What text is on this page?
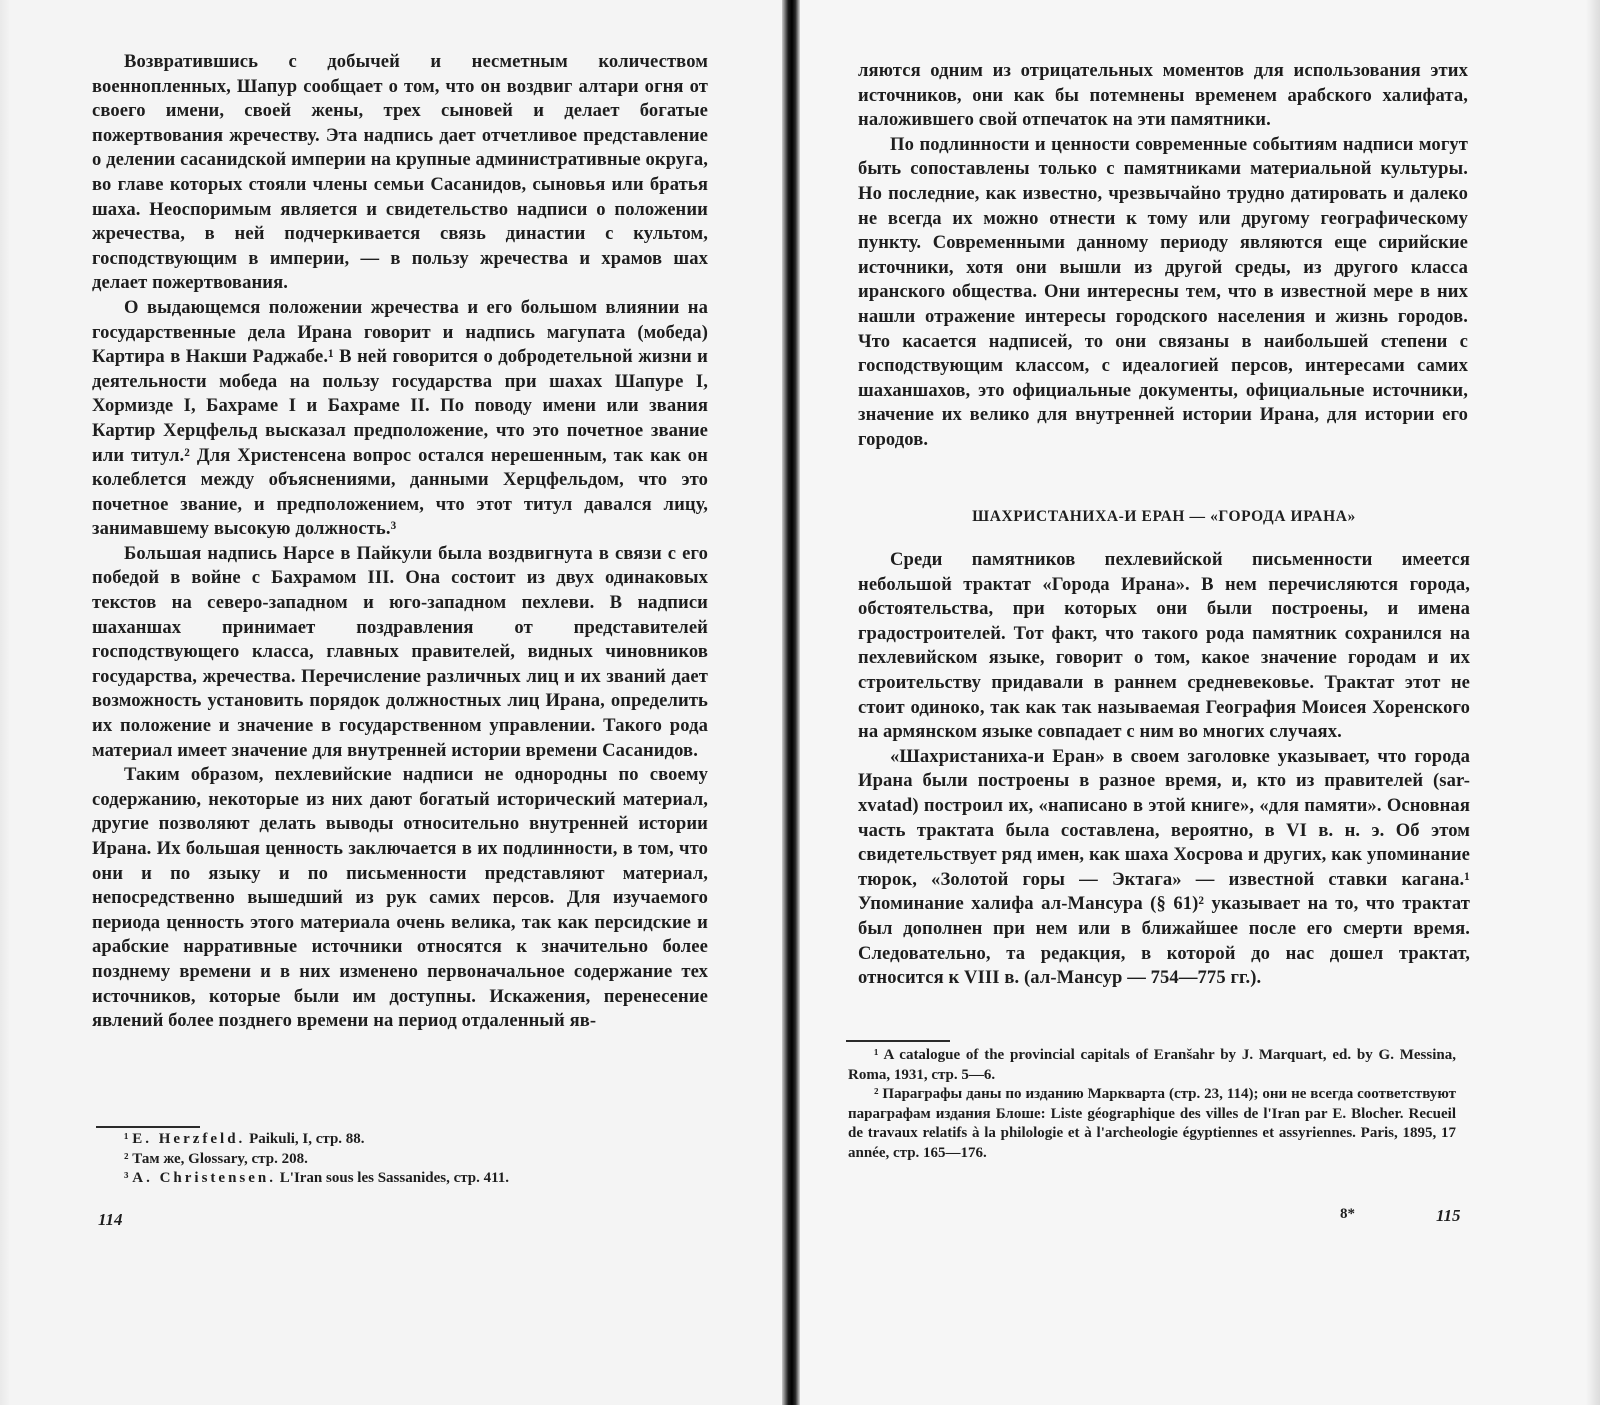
Возвратившись с добычей и несметным количеством военнопленных, Шапур сообщает о том, что он воздвиг алтари огня от своего имени, своей жены, трех сыновей и делает богатые пожертвования жречеству. Эта надпись дает отчетливое представление о делении сасанидской империи на крупные административные округа, во главе которых стояли члены семьи Сасанидов, сыновья или братья шаха. Неоспоримым является и свидетельство надписи о положении жречества, в ней подчеркивается связь династии с культом, господствующим в империи, — в пользу жречества и храмов шах делает пожертвования.

О выдающемся положении жречества и его большом влиянии на государственные дела Ирана говорит и надпись магупата (мобеда) Картира в Накши Раджабе.¹ В ней говорится о добродетельной жизни и деятельности мобеда на пользу государства при шахах Шапуре I, Хормизде I, Бахраме I и Бахраме II. По поводу имени или звания Картир Херцфельд высказал предположение, что это почетное звание или титул.² Для Христенсена вопрос остался нерешенным, так как он колеблется между объяснениями, данными Херцфельдом, что это почетное звание, и предположением, что этот титул давался лицу, занимавшему высокую должность.³

Большая надпись Нарсе в Пайкули была воздвигнута в связи с его победой в войне с Бахрамом III. Она состоит из двух одинаковых текстов на северо-западном и юго-западном пехлеви. В надписи шаханшах принимает поздравления от представителей господствующего класса, главных правителей, видных чиновников государства, жречества. Перечисление различных лиц и их званий дает возможность установить порядок должностных лиц Ирана, определить их положение и значение в государственном управлении. Такого рода материал имеет значение для внутренней истории времени Сасанидов.

Таким образом, пехлевийские надписи не однородны по своему содержанию, некоторые из них дают богатый исторический материал, другие позволяют делать выводы относительно внутренней истории Ирана. Их большая ценность заключается в их подлинности, в том, что они и по языку и по письменности представляют материал, непосредственно вышедший из рук самих персов. Для изучаемого периода ценность этого материала очень велика, так как персидские и арабские нарративные источники относятся к значительно более позднему времени и в них изменено первоначальное содержание тех источников, которые были им доступны. Искажения, перенесение явлений более позднего времени на период отдаленный яв-

¹ E. Herzfeld. Paikuli, I, стр. 88.

² Там же, Glossary, стр. 208.

³ A. Christensen. L'Iran sous les Sassanides, стр. 411.

114

ляются одним из отрицательных моментов для использования этих источников, они как бы потемнены временем арабского халифата, наложившего свой отпечаток на эти памятники.

По подлинности и ценности современные событиям надписи могут быть сопоставлены только с памятниками материальной культуры. Но последние, как известно, чрезвычайно трудно датировать и далеко не всегда их можно отнести к тому или другому географическому пункту. Современными данному периоду являются еще сирийские источники, хотя они вышли из другой среды, из другого класса иранского общества. Они интересны тем, что в известной мере в них нашли отражение интересы городского населения и жизнь городов. Что касается надписей, то они связаны в наибольшей степени с господствующим классом, с идеалогией персов, интересами самих шаханшахов, это официальные документы, официальные источники, значение их велико для внутренней истории Ирана, для истории его городов.

Среди памятников пехлевийской письменности имеется небольшой трактат «Города Ирана». В нем перечисляются города, обстоятельства, при которых они были построены, и имена градостроителей. Тот факт, что такого рода памятник сохранился на пехлевийском языке, говорит о том, какое значение городам и их строительству придавали в раннем средневековье. Трактат этот не стоит одиноко, так как так называемая География Моисея Хоренского на армянском языке совпадает с ним во многих случаях.

«Шахристаниха-и Еран» в своем заголовке указывает, что города Ирана были построены в разное время, и, кто из правителей (sar-xvatad) построил их, «написано в этой книге», «для памяти». Основная часть трактата была составлена, вероятно, в VI в. н. э. Об этом свидетельствует ряд имен, как шаха Хосрова и других, как упоминание тюрок, «Золотой горы — Эктага» — известной ставки кагана.¹ Упоминание халифа ал-Мансура (§ 61)² указывает на то, что трактат был дополнен при нем или в ближайшее после его смерти время. Следовательно, та редакция, в которой до нас дошел трактат, относится к VIII в. (ал-Мансур — 754—775 гг.).

¹ A catalogue of the provincial capitals of Eranšahr by J. Marquart, ed. by G. Messina, Roma, 1931, стр. 5—6.

² Параграфы даны по изданию Маркварта (стр. 23, 114); они не всегда соответствуют параграфам издания Блоше: Liste géographique des villes de l'Iran par E. Blocher. Recueil de travaux relatifs à la philologie et à l'archeologie égyptiennes et assyriennes. Paris, 1895, 17 année, стр. 165—176.

8*	115
ШАХРИСТАНИХА-И ЕРАН — «ГОРОДА ИРАНА»
